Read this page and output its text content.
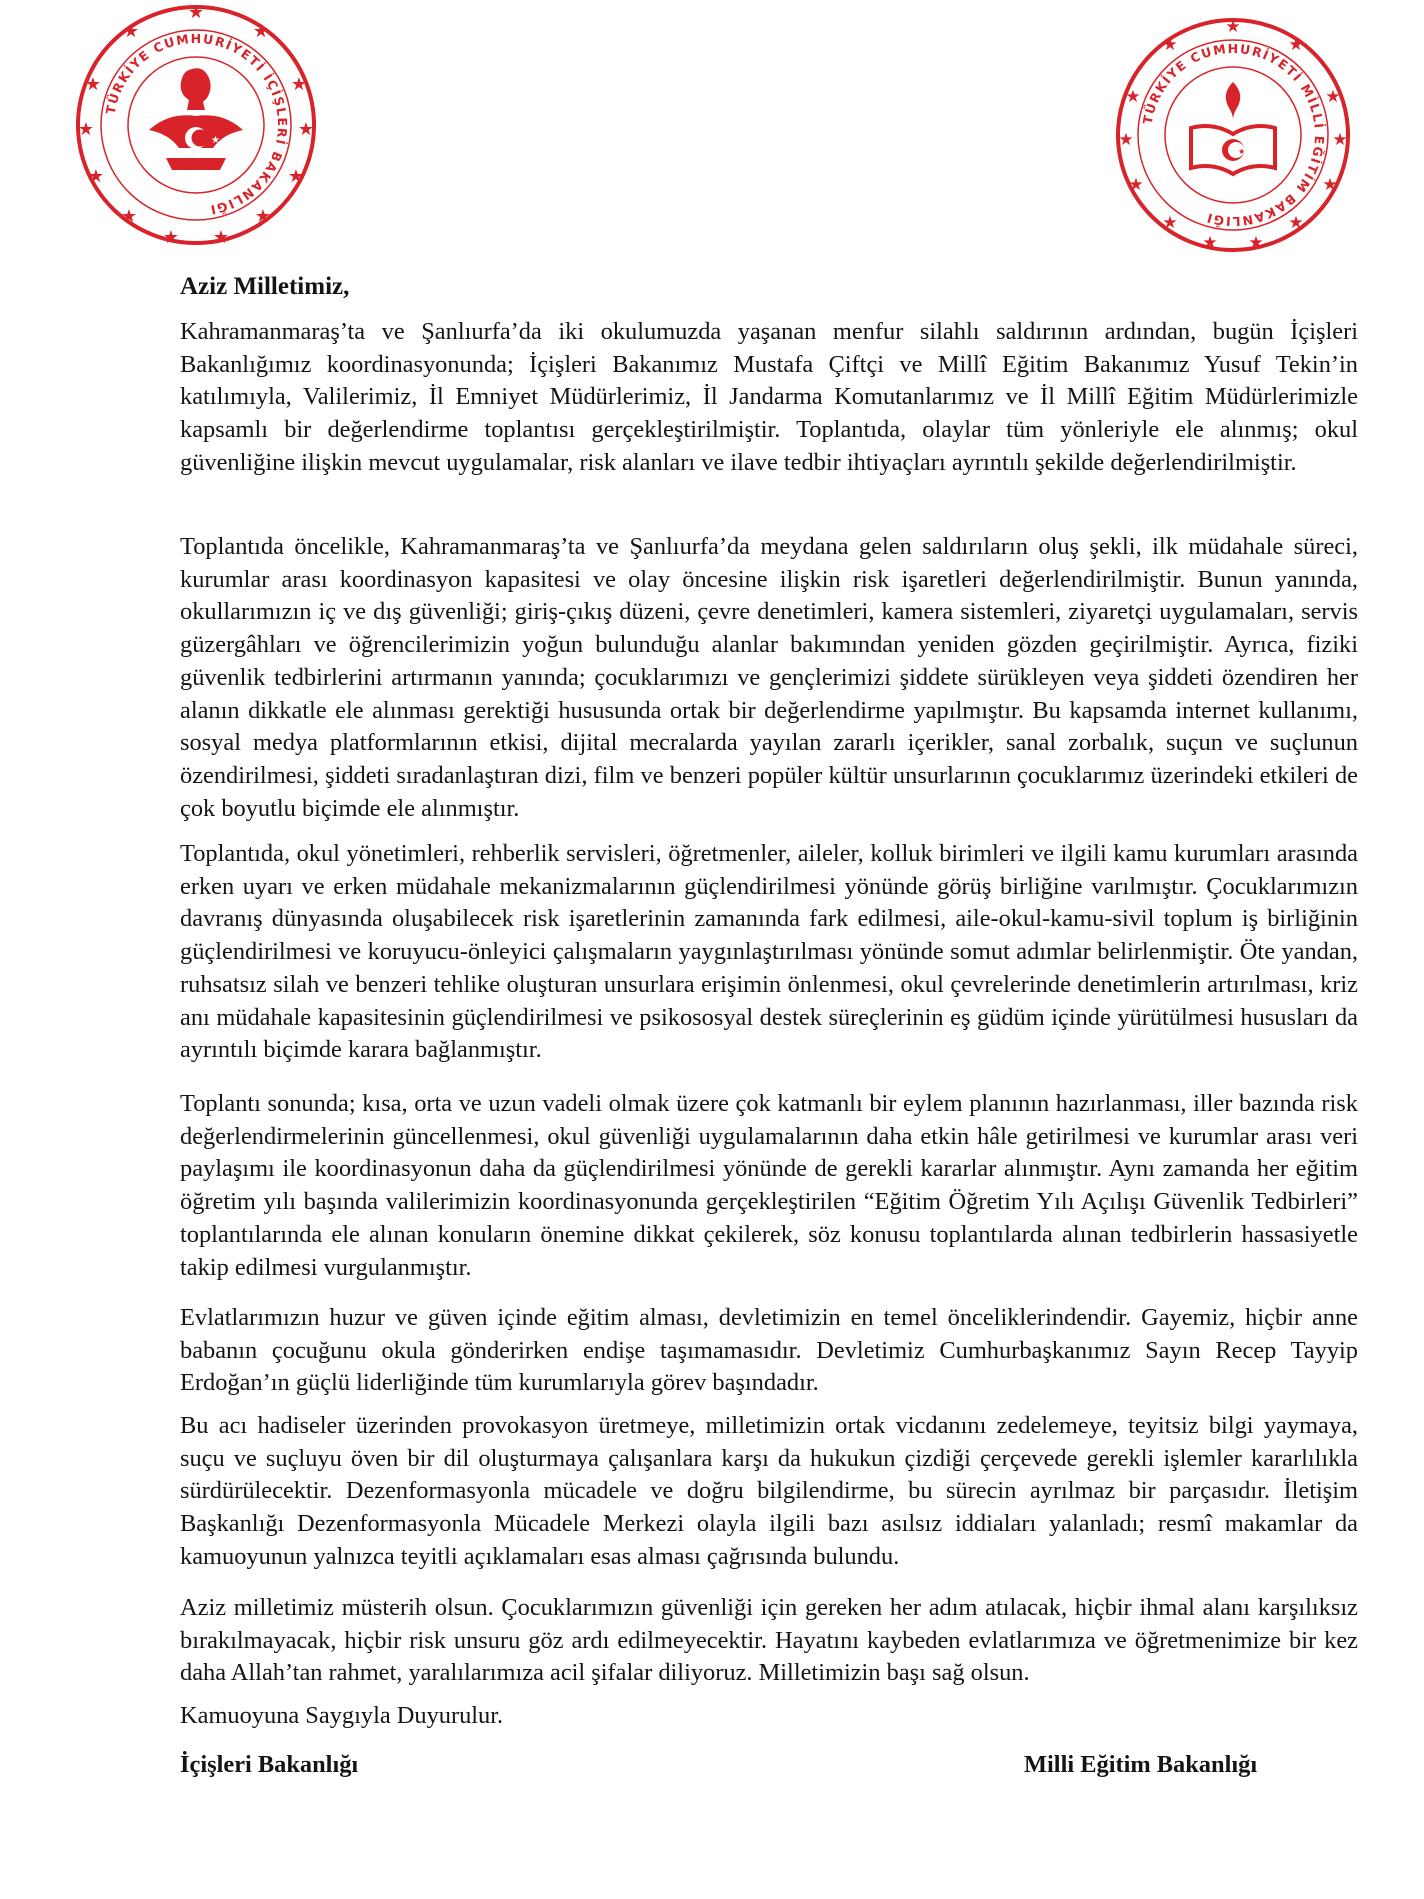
★
★	★
★	★
★	★
★	★
★	★
★ ★
TÜRKİYE CUMHURİYETİ İÇİŞLERİ BAKANLIĞI
★
★
★	★
★	★
★	★
★	★
★	★
★ ★
TÜRKİYE CUMHURİYETİ MİLLİ EĞİTİM BAKANLIĞI
★

Aziz Milletimiz,

Kahramanmaraş’ta ve Şanlıurfa’da iki okulumuzda yaşanan menfur silahlı saldırının ardından, bugün İçişleri Bakanlığımız koordinasyonunda; İçişleri Bakanımız Mustafa Çiftçi ve Millî Eğitim Bakanımız Yusuf Tekin’in katılımıyla, Valilerimiz, İl Emniyet Müdürlerimiz, İl Jandarma Komutanlarımız ve İl Millî Eğitim Müdürlerimizle kapsamlı bir değerlendirme toplantısı gerçekleştirilmiştir. Toplantıda, olaylar tüm yönleriyle ele alınmış; okul güvenliğine ilişkin mevcut uygulamalar, risk alanları ve ilave tedbir ihtiyaçları ayrıntılı şekilde değerlendirilmiştir.

Toplantıda öncelikle, Kahramanmaraş’ta ve Şanlıurfa’da meydana gelen saldırıların oluş şekli, ilk müdahale süreci, kurumlar arası koordinasyon kapasitesi ve olay öncesine ilişkin risk işaretleri değerlendirilmiştir. Bunun yanında, okullarımızın iç ve dış güvenliği; giriş-çıkış düzeni, çevre denetimleri, kamera sistemleri, ziyaretçi uygulamaları, servis güzergâhları ve öğrencilerimizin yoğun bulunduğu alanlar bakımından yeniden gözden geçirilmiştir. Ayrıca, fiziki güvenlik tedbirlerini artırmanın yanında; çocuklarımızı ve gençlerimizi şiddete sürükleyen veya şiddeti özendiren her alanın dikkatle ele alınması gerektiği hususunda ortak bir değerlendirme yapılmıştır. Bu kapsamda internet kullanımı, sosyal medya platformlarının etkisi, dijital mecralarda yayılan zararlı içerikler, sanal zorbalık, suçun ve suçlunun özendirilmesi, şiddeti sıradanlaştıran dizi, film ve benzeri popüler kültür unsurlarının çocuklarımız üzerindeki etkileri de çok boyutlu biçimde ele alınmıştır.

Toplantıda, okul yönetimleri, rehberlik servisleri, öğretmenler, aileler, kolluk birimleri ve ilgili kamu kurumları arasında erken uyarı ve erken müdahale mekanizmalarının güçlendirilmesi yönünde görüş birliğine varılmıştır. Çocuklarımızın davranış dünyasında oluşabilecek risk işaretlerinin zamanında fark edilmesi, aile-okul-kamu-sivil toplum iş birliğinin güçlendirilmesi ve koruyucu-önleyici çalışmaların yaygınlaştırılması yönünde somut adımlar belirlenmiştir. Öte yandan, ruhsatsız silah ve benzeri tehlike oluşturan unsurlara erişimin önlenmesi, okul çevrelerinde denetimlerin artırılması, kriz anı müdahale kapasitesinin güçlendirilmesi ve psikososyal destek süreçlerinin eş güdüm içinde yürütülmesi hususları da ayrıntılı biçimde karara bağlanmıştır.

Toplantı sonunda; kısa, orta ve uzun vadeli olmak üzere çok katmanlı bir eylem planının hazırlanması, iller bazında risk değerlendirmelerinin güncellenmesi, okul güvenliği uygulamalarının daha etkin hâle getirilmesi ve kurumlar arası veri paylaşımı ile koordinasyonun daha da güçlendirilmesi yönünde de gerekli kararlar alınmıştır. Aynı zamanda her eğitim öğretim yılı başında valilerimizin koordinasyonunda gerçekleştirilen “Eğitim Öğretim Yılı Açılışı Güvenlik Tedbirleri” toplantılarında ele alınan konuların önemine dikkat çekilerek, söz konusu toplantılarda alınan tedbirlerin hassasiyetle takip edilmesi vurgulanmıştır.

Evlatlarımızın huzur ve güven içinde eğitim alması, devletimizin en temel önceliklerindendir. Gayemiz, hiçbir anne babanın çocuğunu okula gönderirken endişe taşımamasıdır. Devletimiz Cumhurbaşkanımız Sayın Recep Tayyip Erdoğan’ın güçlü liderliğinde tüm kurumlarıyla görev başındadır.

Bu acı hadiseler üzerinden provokasyon üretmeye, milletimizin ortak vicdanını zedelemeye, teyitsiz bilgi yaymaya, suçu ve suçluyu öven bir dil oluşturmaya çalışanlara karşı da hukukun çizdiği çerçevede gerekli işlemler kararlılıkla sürdürülecektir. Dezenformasyonla mücadele ve doğru bilgilendirme, bu sürecin ayrılmaz bir parçasıdır. İletişim Başkanlığı Dezenformasyonla Mücadele Merkezi olayla ilgili bazı asılsız iddiaları yalanladı; resmî makamlar da kamuoyunun yalnızca teyitli açıklamaları esas alması çağrısında bulundu.

Aziz milletimiz müsterih olsun. Çocuklarımızın güvenliği için gereken her adım atılacak, hiçbir ihmal alanı karşılıksız bırakılmayacak, hiçbir risk unsuru göz ardı edilmeyecektir. Hayatını kaybeden evlatlarımıza ve öğretmenimize bir kez daha Allah’tan rahmet, yaralılarımıza acil şifalar diliyoruz. Milletimizin başı sağ olsun.

Kamuoyuna Saygıyla Duyurulur.

İçişleri Bakanlığı	Milli Eğitim Bakanlığı
